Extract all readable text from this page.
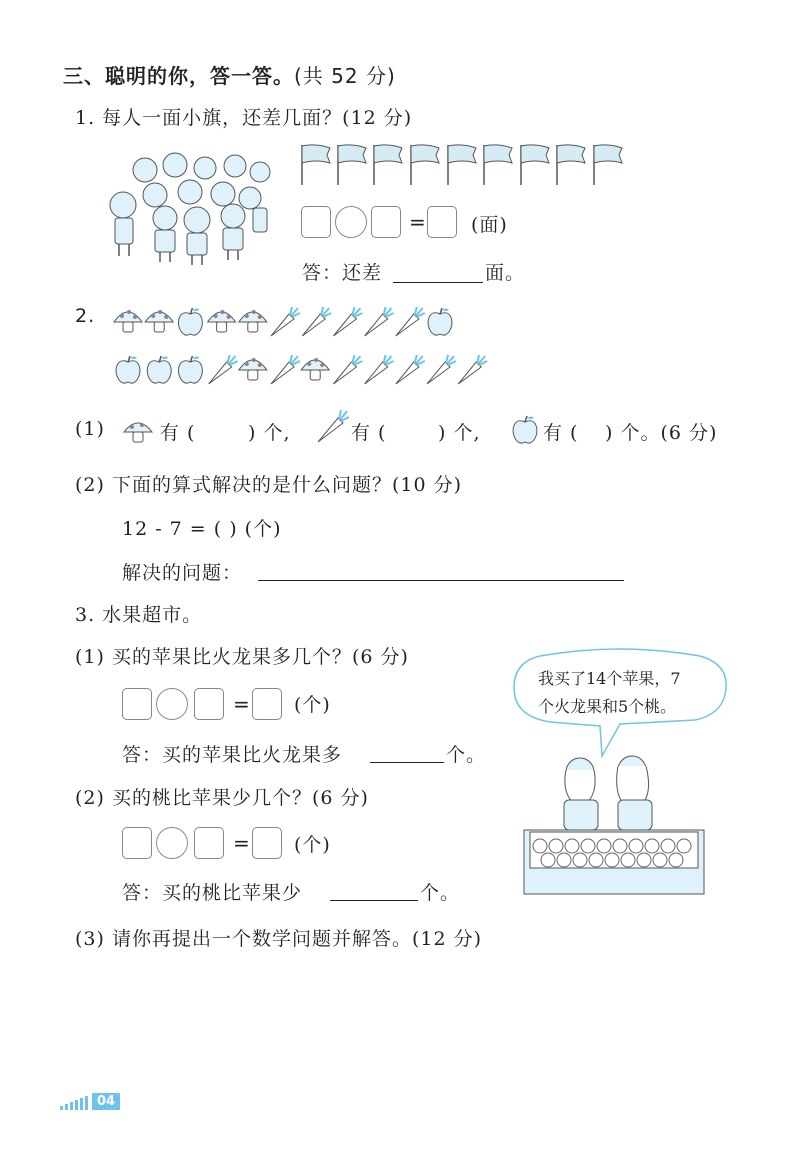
三、聪明的你，答一答。(共 52 分)
1. 每人一面小旗，还差几面？(12 分)
= (面)
答：还差	面。
2.
(1)	有 (	) 个,	有 (	) 个,	有 ( ) 个。(6 分)
(2) 下面的算式解决的是什么问题？(10 分)
12 - 7 = ( ) (个)
解决的问题：
3. 水果超市。
我买了14个苹果，7
个火龙果和5个桃。
(1) 买的苹果比火龙果多几个？(6 分)
= (个)
答：买的苹果比火龙果多	个。
(2) 买的桃比苹果少几个？(6 分)
= (个)
答：买的桃比苹果少	个。
(3) 请你再提出一个数学问题并解答。(12 分)
04
